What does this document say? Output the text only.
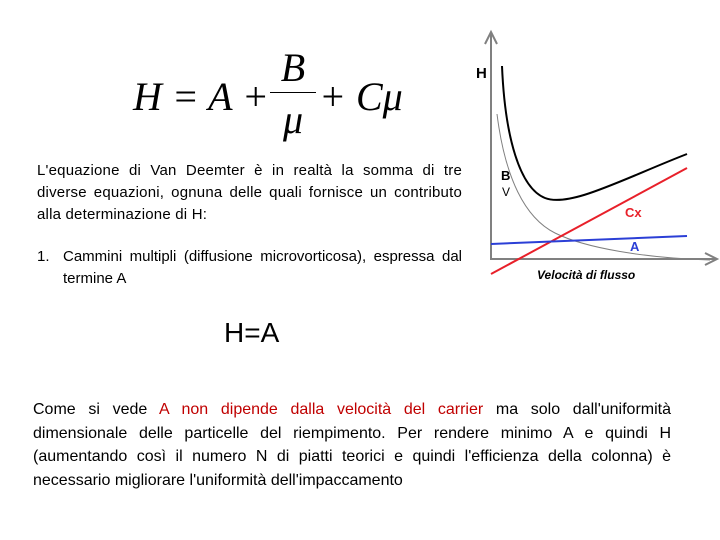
H = A +
B
μ
+ Cμ
L'equazione di Van Deemter è in realtà la somma di tre diverse equazioni, ognuna delle quali fornisce un contributo alla determinazione di H:
1. Cammini multipli (diffusione microvorticosa), espressa dal termine A
H=A
Come si vede A non dipende dalla velocità del carrier ma solo dall'uniformità dimensionale delle particelle del riempimento. Per rendere minimo A e quindi H (aumentando così il numero N di piatti teorici e quindi l'efficienza della colonna) è necessario migliorare l'uniformità dell'impaccamento
H
B
V
Cx
A
Velocità di flusso
